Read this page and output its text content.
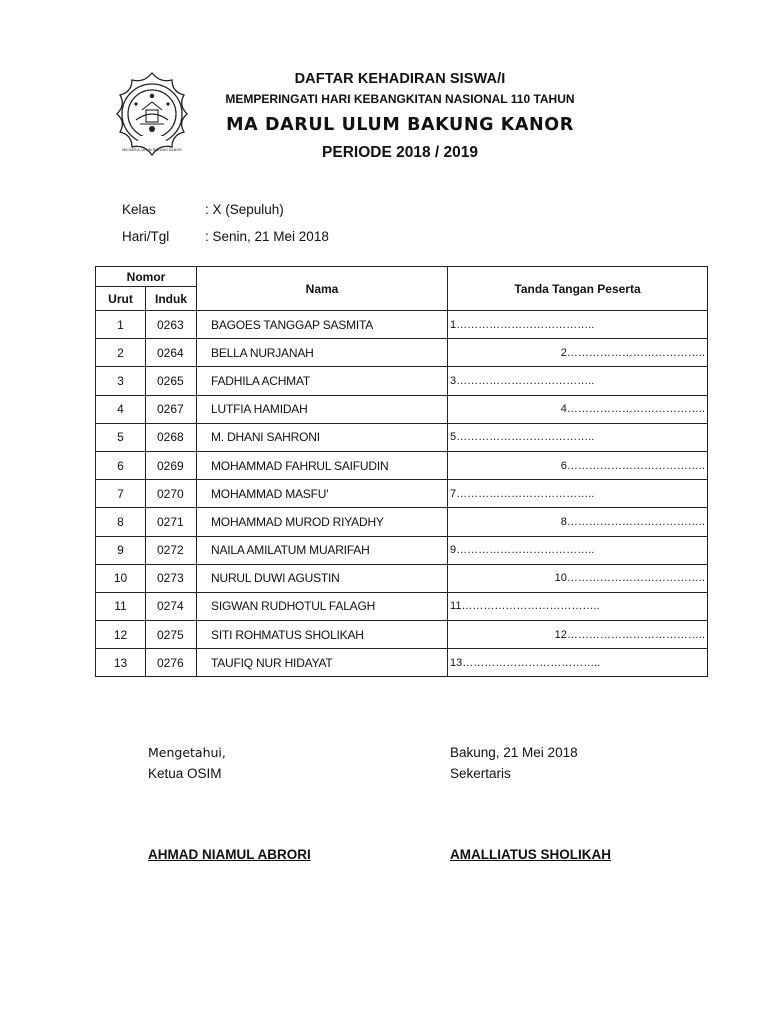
MA DARUL ULUM BAKUNG KANOR
DAFTAR KEHADIRAN SISWA/I
MEMPERINGATI HARI KEBANGKITAN NASIONAL 110 TAHUN
MA DARUL ULUM BAKUNG KANOR
PERIODE 2018 / 2019
Kelas	: X (Sepuluh)
Hari/Tgl	: Senin, 21 Mei 2018
Nomor		Nama	Tanda Tangan Peserta
Urut	Induk		
1	0263	BAGOES TANGGAP SASMITA	1………………………………..
2	0264	BELLA NURJANAH	2………………………………..
3	0265	FADHILA ACHMAT	3………………………………..
4	0267	LUTFIA HAMIDAH	4………………………………..
5	0268	M. DHANI SAHRONI	5………………………………..
6	0269	MOHAMMAD FAHRUL SAIFUDIN	6………………………………..
7	0270	MOHAMMAD MASFU'	7………………………………..
8	0271	MOHAMMAD MUROD RIYADHY	8………………………………..
9	0272	NAILA AMILATUM MUARIFAH	9………………………………..
10	0273	NURUL DUWI AGUSTIN	10………………………………..
11	0274	SIGWAN RUDHOTUL FALAGH	11………………………………..
12	0275	SITI ROHMATUS SHOLIKAH	12………………………………..
13	0276	TAUFIQ NUR HIDAYAT	13………………………………..
Mengetahui,
Ketua OSIM
AHMAD NIAMUL ABRORI
Bakung, 21 Mei 2018
Sekertaris
AMALLIATUS SHOLIKAH
